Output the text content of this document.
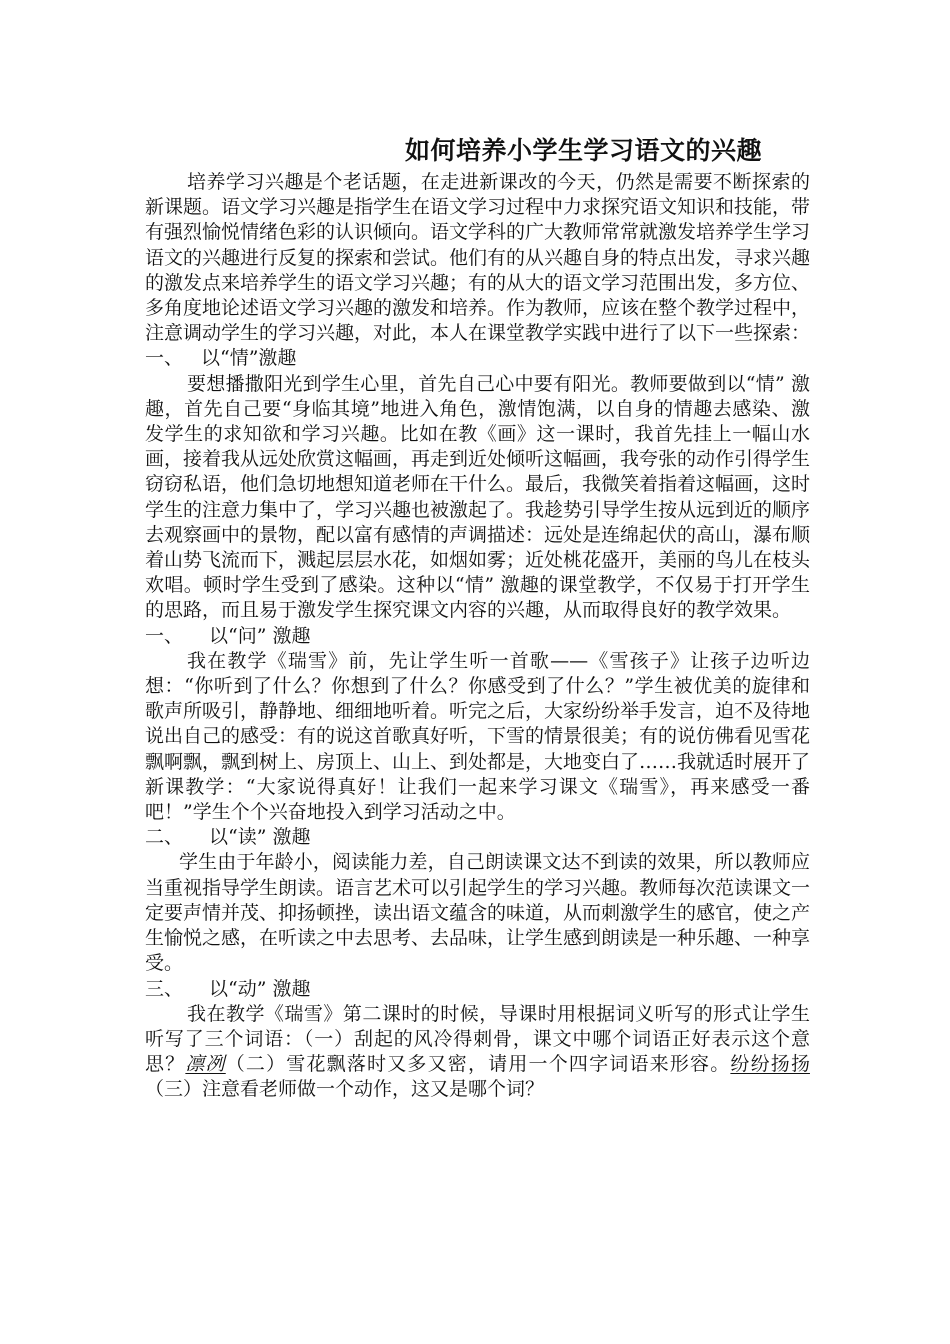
如何培养小学生学习语文的兴趣

培养学习兴趣是个老话题，在走进新课改的今天，仍然是需要不断探索的新课题。语文学习兴趣是指学生在语文学习过程中力求探究语文知识和技能，带有强烈愉悦情绪色彩的认识倾向。语文学科的广大教师常常就激发培养学生学习语文的兴趣进行反复的探索和尝试。他们有的从兴趣自身的特点出发，寻求兴趣的激发点来培养学生的语文学习兴趣；有的从大的语文学习范围出发，多方位、多角度地论述语文学习兴趣的激发和培养。作为教师，应该在整个教学过程中，注意调动学生的学习兴趣，对此，本人在课堂教学实践中进行了以下一些探索：

一、 以“情”激趣

要想播撒阳光到学生心里，首先自己心中要有阳光。教师要做到以“情” 激趣，首先自己要“身临其境”地进入角色，激情饱满，以自身的情趣去感染、激发学生的求知欲和学习兴趣。比如在教《画》这一课时，我首先挂上一幅山水画，接着我从远处欣赏这幅画，再走到近处倾听这幅画，我夸张的动作引得学生窃窃私语，他们急切地想知道老师在干什么。最后，我微笑着指着这幅画，这时学生的注意力集中了，学习兴趣也被激起了。我趁势引导学生按从远到近的顺序去观察画中的景物，配以富有感情的声调描述：远处是连绵起伏的高山，瀑布顺着山势飞流而下，溅起层层水花，如烟如雾；近处桃花盛开，美丽的鸟儿在枝头欢唱。顿时学生受到了感染。这种以“情” 激趣的课堂教学，不仅易于打开学生的思路，而且易于激发学生探究课文内容的兴趣，从而取得良好的教学效果。

一、	以“问” 激趣

我在教学《瑞雪》前，先让学生听一首歌——《雪孩子》让孩子边听边想：“你听到了什么？你想到了什么？你感受到了什么？”学生被优美的旋律和歌声所吸引，静静地、细细地听着。听完之后，大家纷纷举手发言，迫不及待地说出自己的感受：有的说这首歌真好听，下雪的情景很美；有的说仿佛看见雪花飘啊飘，飘到树上、房顶上、山上、到处都是，大地变白了……我就适时展开了新课教学：“大家说得真好！让我们一起来学习课文《瑞雪》，再来感受一番吧！”学生个个兴奋地投入到学习活动之中。

二、	以“读” 激趣

学生由于年龄小，阅读能力差，自己朗读课文达不到读的效果，所以教师应当重视指导学生朗读。语言艺术可以引起学生的学习兴趣。教师每次范读课文一定要声情并茂、抑扬顿挫，读出语文蕴含的味道，从而刺激学生的感官，使之产生愉悦之感，在听读之中去思考、去品味，让学生感到朗读是一种乐趣、一种享受。

三、	以“动” 激趣

我在教学《瑞雪》第二课时的时候，导课时用根据词义听写的形式让学生听写了三个词语：（一）刮起的风冷得刺骨，课文中哪个词语正好表示这个意思？凛冽（二）雪花飘落时又多又密，请用一个四字词语来形容。纷纷扬扬（三）注意看老师做一个动作，这又是哪个词？
